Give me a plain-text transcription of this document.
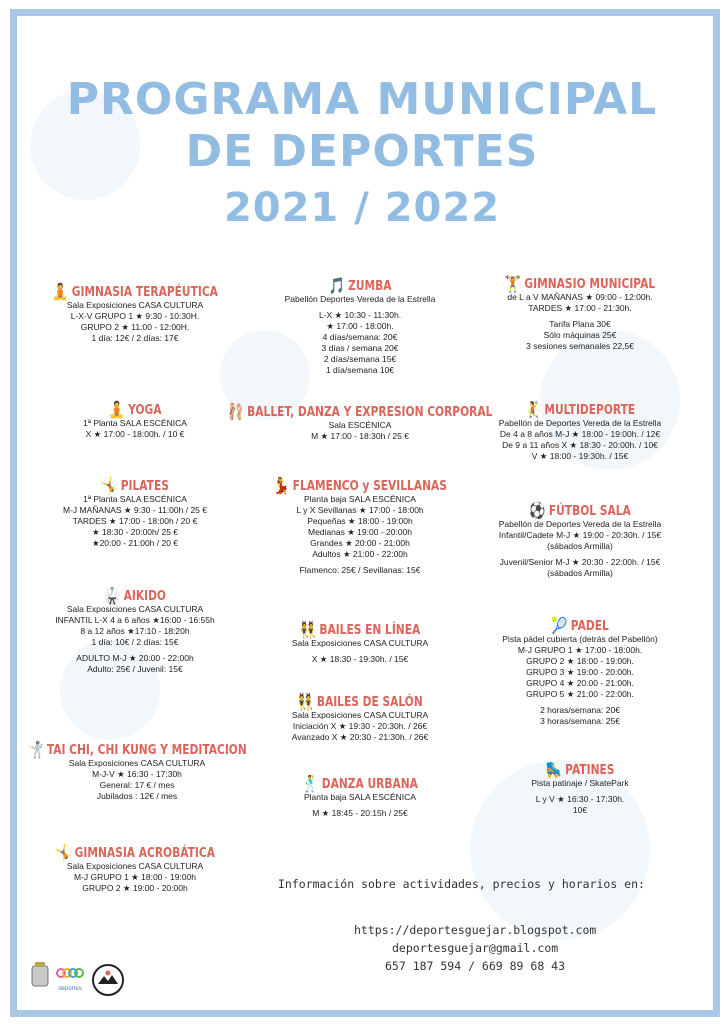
PROGRAMA MUNICIPAL
DE DEPORTES
2021 / 2022
🧘 GIMNASIA TERAPÉUTICA
Sala Exposiciones CASA CULTURA
L-X-V GRUPO 1 ★ 9:30 - 10:30H.
GRUPO 2 ★ 11:00 - 12:00H.
1 día: 12€ / 2 días: 17€
🧘 YOGA
1ª Planta SALA ESCÉNICA
X ★ 17:00 - 18:00h. / 10 €
🤸 PILATES
1ª Planta SALA ESCÉNICA
M-J MAÑANAS ★ 9:30 - 11:00h / 25 €
TARDES ★ 17:00 - 18:00h / 20 €
★ 18:30 - 20:00h/ 25 €
★20:00 - 21:00h / 20 €
🥋 AIKIDO
Sala Exposiciones CASA CULTURA
INFANTIL L-X 4 a 6 años ★16:00 - 16:55h
8 a 12 años ★17:10 - 18:20h
1 día: 10€ / 2 días: 15€
ADULTO M-J ★ 20:00 - 22:00h
Adulto: 25€ / Juvenil: 15€
🤺 TAI CHI, CHI KUNG Y MEDITACION
Sala Exposiciones CASA CULTURA
M-J-V ★ 16:30 - 17:30h
General: 17 € / mes
Jubilados : 12€ / mes
🤸 GIMNASIA ACROBÁTICA
Sala Exposiciones CASA CULTURA
M-J GRUPO 1 ★ 18:00 - 19:00h
GRUPO 2 ★ 19:00 - 20:00h
🎵 ZUMBA
Pabellón Deportes Vereda de la Estrella
L-X ★ 10:30 - 11:30h.
★ 17:00 - 18:00h.
4 días/semana: 20€
3 días / semana 20€
2 días/semana 15€
1 día/semana 10€
🩰 BALLET, DANZA Y EXPRESION CORPORAL
Sala ESCÉNICA
M ★ 17:00 - 18:30h / 25 €
💃 FLAMENCO y SEVILLANAS
Planta baja SALA ESCÉNICA
L y X Sevillanas ★ 17:00 - 18:00h
Pequeñas ★ 18:00 - 19:00h
Medianas ★ 19:00 - 20:00h
Grandes ★ 20:00 - 21:00h
Adultos ★ 21:00 - 22:00h
Flamenco: 25€ / Sevillanas: 15€
👯 BAILES EN LÍNEA
Sala Exposiciones CASA CULTURA
X ★ 18:30 - 19:30h. / 15€
👯 BAILES DE SALÓN
Sala Exposiciones CASA CULTURA
Iniciación X ★ 19:30 - 20:30h. / 26€
Avanzado X ★ 20:30 - 21:30h. / 26€
🕺 DANZA URBANA
Planta baja SALA ESCÉNICA
M ★ 18:45 - 20:15h / 25€
🏋 GIMNASIO MUNICIPAL
de L a V MAÑANAS ★ 09:00 - 12:00h.
TARDES ★ 17:00 - 21:30h.
Tarifa Plana 30€
Sólo máquinas 25€
3 sesiones semanales 22,5€
🤾 MULTIDEPORTE
Pabellón de Deportes Vereda de la Estrella
De 4 a 8 años M-J ★ 18:00 - 19:00h. / 12€
De 9 a 11 años X ★ 18:30 - 20:00h. / 10€
V ★ 18:00 - 19:30h. / 15€
⚽ FÚTBOL SALA
Pabellón de Deportes Vereda de la Estrella
Infantil/Cadete M-J ★ 19:00 - 20:30h. / 15€
(sábados Armilla)
Juvenil/Senior M-J ★ 20:30 - 22:00h. / 15€
(sábados Armilla)
🎾 PADEL
Pista pádel cubierta (detrás del Pabellón)
M-J GRUPO 1 ★ 17:00 - 18:00h.
GRUPO 2 ★ 18:00 - 19:00h.
GRUPO 3 ★ 19:00 - 20:00h.
GRUPO 4 ★ 20:00 - 21:00h.
GRUPO 5 ★ 21:00 - 22:00h.
2 horas/semana: 20€
3 horas/semana: 25€
🛼 PATINES
Pista patinaje / SkatePark
L y V ★ 16:30 - 17:30h.
10€
Información sobre actividades, precios y horarios en:
https://deportesguejar.blogspot.com
deportesguejar@gmail.com
657 187 594 / 669 89 68 43
deportes
